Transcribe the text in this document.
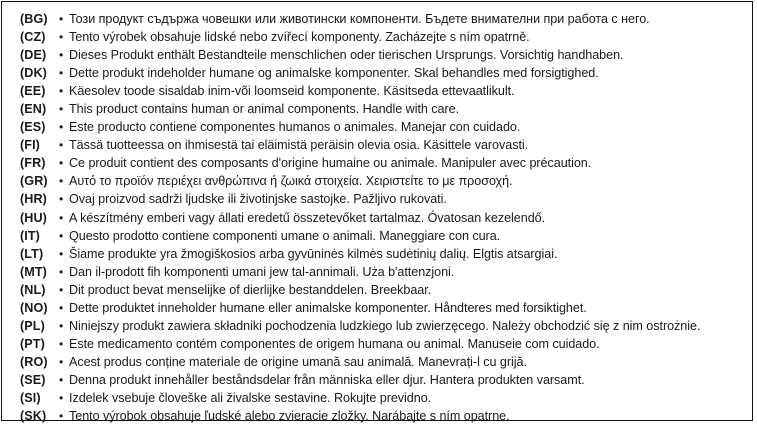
(BG) • Този продукт съдържа човешки или животински компоненти. Бъдете внимателни при работа с него.
(CZ)	• Tento výrobek obsahuje lidské nebo zvířecí komponenty. Zacházejte s ním opatrně.
(DE)	• Dieses Produkt enthält Bestandteile menschlichen oder tierischen Ursprungs. Vorsichtig handhaben.
(DK)	• Dette produkt indeholder humane og animalske komponenter. Skal behandles med forsigtighed.
(EE)	• Käesolev toode sisaldab inim-või loomseid komponente. Käsitseda ettevaatlikult.
(EN)	• This product contains human or animal components. Handle with care.
(ES)	• Este producto contiene componentes humanos o animales. Manejar con cuidado.
(FI)	• Tässä tuotteessa on ihmisestä tai eläimistä peräisin olevia osia. Käsittele varovasti.
(FR)	• Ce produit contient des composants d'origine humaine ou animale. Manipuler avec précaution.
(GR) • Αυτό το προϊόν περιέχει ανθρώπινα ή ζωικά στοιχεία. Χειριστείτε το με προσοχή.
(HR)	• Ovaj proizvod sadrži ljudske ili životinjske sastojke. Pažljivo rukovati.
(HU)	• A készítmény emberi vagy állati eredetű összetevőket tartalmaz. Óvatosan kezelendő.
(IT)	• Questo prodotto contiene componenti umane o animali. Maneggiare con cura.
(LT)	• Šiame produkte yra žmogiškosios arba gyvūninės kilmės sudėtinių dalių. Elgtis atsargiai.
(MT)	• Dan il-prodott fih komponenti umani jew tal-annimali. Uża b'attenzjoni.
(NL)	• Dit product bevat menselijke of dierlijke bestanddelen. Breekbaar.
(NO) • Dette produktet inneholder humane eller animalske komponenter. Håndteres med forsiktighet.
(PL)	• Niniejszy produkt zawiera składniki pochodzenia ludzkiego lub zwierzęcego. Należy obchodzić się z nim ostrożnie.
(PT)	• Este medicamento contém componentes de origem humana ou animal. Manuseie com cuidado.
(RO) • Acest produs conține materiale de origine umană sau animală. Manevrați-l cu grijă.
(SE)	• Denna produkt innehåller beståndsdelar från människa eller djur. Hantera produkten varsamt.
(SI)	• Izdelek vsebuje človeške ali živalske sestavine. Rokujte previdno.
(SK)	• Tento výrobok obsahuje ľudské alebo zvieracie zložky. Narábajte s ním opatrne.
